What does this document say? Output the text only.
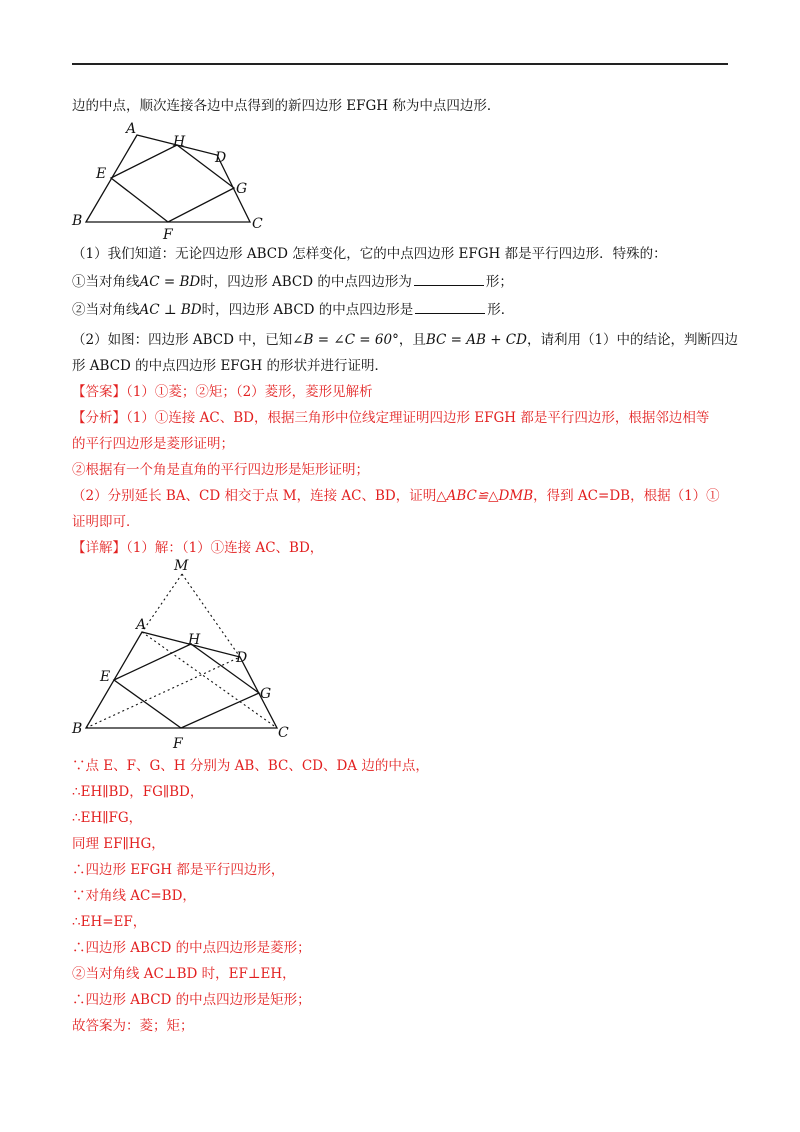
边的中点，顺次连接各边中点得到的新四边形 EFGH 称为中点四边形．
A
H
D
E
G
B
F
C
（1）我们知道：无论四边形 ABCD 怎样变化，它的中点四边形 EFGH 都是平行四边形．特殊的：
①当对角线AC = BD时，四边形 ABCD 的中点四边形为	形；
②当对角线AC ⊥ BD时，四边形 ABCD 的中点四边形是	形．
（2）如图：四边形 ABCD 中，已知∠B = ∠C = 60°，且BC = AB + CD，请利用（1）中的结论，判断四边
形 ABCD 的中点四边形 EFGH 的形状并进行证明．
【答案】（1）①菱；②矩；（2）菱形，菱形见解析
【分析】（1）①连接 AC、BD，根据三角形中位线定理证明四边形 EFGH 都是平行四边形，根据邻边相等
的平行四边形是菱形证明；
②根据有一个角是直角的平行四边形是矩形证明；
（2）分别延长 BA、CD 相交于点 M，连接 AC、BD，证明△ABC≌△DMB，得到 AC=DB，根据（1）①
证明即可．
【详解】（1）解：（1）①连接 AC、BD，
M
A
H
D
E
G
B
F
C
∵点 E、F、G、H 分别为 AB、BC、CD、DA 边的中点，
∴EH∥BD，FG∥BD，
∴EH∥FG，
同理 EF∥HG，
∴四边形 EFGH 都是平行四边形，
∵对角线 AC=BD，
∴EH=EF，
∴四边形 ABCD 的中点四边形是菱形；
②当对角线 AC⊥BD 时，EF⊥EH，
∴四边形 ABCD 的中点四边形是矩形；
故答案为：菱；矩；
